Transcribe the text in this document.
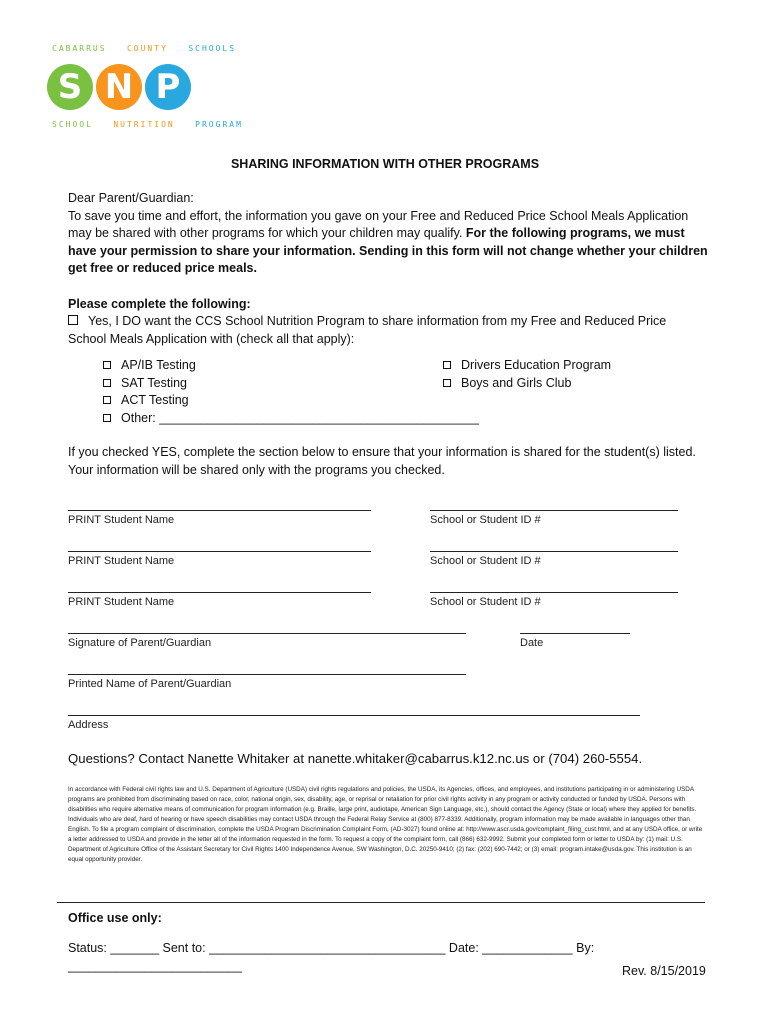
CABARRUS	COUNTY	SCHOOLS
S N P
SCHOOL	NUTRITION	PROGRAM
SHARING INFORMATION WITH OTHER PROGRAMS
Dear Parent/Guardian:
To save you time and effort, the information you gave on your Free and Reduced Price School Meals Application may be shared with other programs for which your children may qualify. For the following programs, we must have your permission to share your information. Sending in this form will not change whether your children get free or reduced price meals.
Please complete the following:
Yes, I DO want the CCS School Nutrition Program to share information from my Free and Reduced Price School Meals Application with (check all that apply):
AP/IB Testing
SAT Testing
ACT Testing
Other: ______________________________________________
Drivers Education Program
Boys and Girls Club
If you checked YES, complete the section below to ensure that your information is shared for the student(s) listed. Your information will be shared only with the programs you checked.
PRINT Student Name	School or Student ID #
PRINT Student Name	School or Student ID #
PRINT Student Name	School or Student ID #
Signature of Parent/Guardian	Date
Printed Name of Parent/Guardian
Address
Questions? Contact Nanette Whitaker at nanette.whitaker@cabarrus.k12.nc.us or (704) 260-5554.
In accordance with Federal civil rights law and U.S. Department of Agriculture (USDA) civil rights regulations and policies, the USDA, its Agencies, offices, and employees, and institutions participating in or administering USDA programs are prohibited from discriminating based on race, color, national origin, sex, disability, age, or reprisal or retaliation for prior civil rights activity in any program or activity conducted or funded by USDA. Persons with disabilities who require alternative means of communication for program information (e.g. Braille, large print, audiotape, American Sign Language, etc.), should contact the Agency (State or local) where they applied for benefits. Individuals who are deaf, hard of hearing or have speech disabilities may contact USDA through the Federal Relay Service at (800) 877-8339. Additionally, program information may be made available in languages other than English. To file a program complaint of discrimination, complete the USDA Program Discrimination Complaint Form, (AD-3027) found online at: http://www.ascr.usda.gov/complaint_filing_cust.html, and at any USDA office, or write a letter addressed to USDA and provide in the letter all of the information requested in the form. To request a copy of the complaint form, call (866) 632-9992. Submit your completed form or letter to USDA by: (1) mail: U.S. Department of Agriculture Office of the Assistant Secretary for Civil Rights 1400 Independence Avenue, SW Washington, D.C. 20250-9410; (2) fax: (202) 690-7442; or (3) email: program.intake@usda.gov. This institution is an equal opportunity provider.
Office use only:
Status: _______ Sent to: __________________________________ Date: _____________ By: _________________________	Rev. 8/15/2019
